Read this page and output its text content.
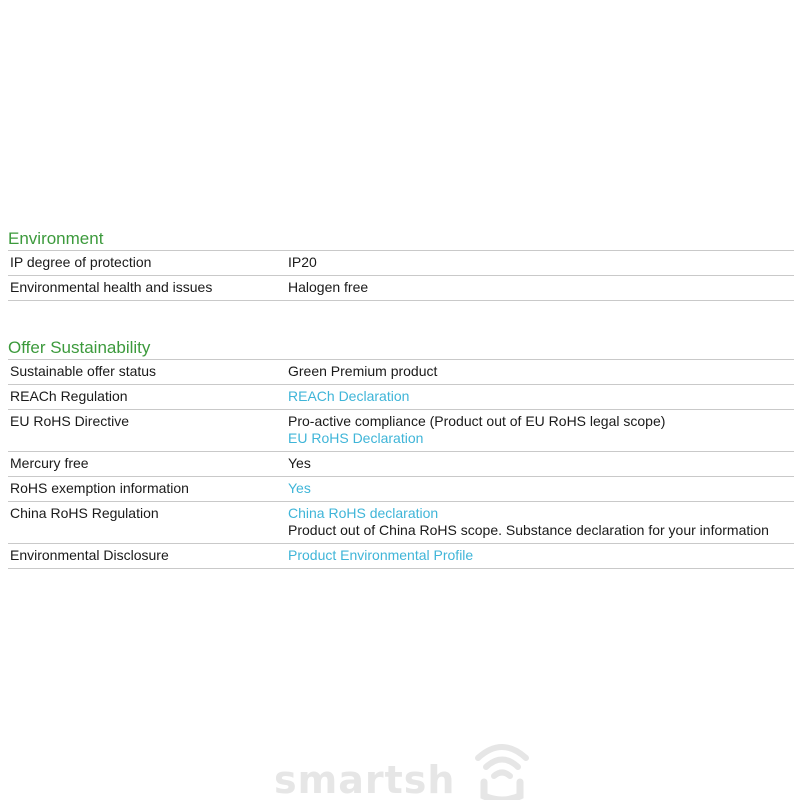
Environment
IP degree of protection	IP20

Environmental health and issues	Halogen free
Offer Sustainability
Sustainable offer status	Green Premium product

REACh Regulation	REACh Declaration

EU RoHS Directive	Pro-active compliance (Product out of EU RoHS legal scope)
EU RoHS Declaration

Mercury free	Yes

RoHS exemption information	Yes

China RoHS Regulation	China RoHS declaration
Product out of China RoHS scope. Substance declaration for your information

Environmental Disclosure	Product Environmental Profile
smartsh
